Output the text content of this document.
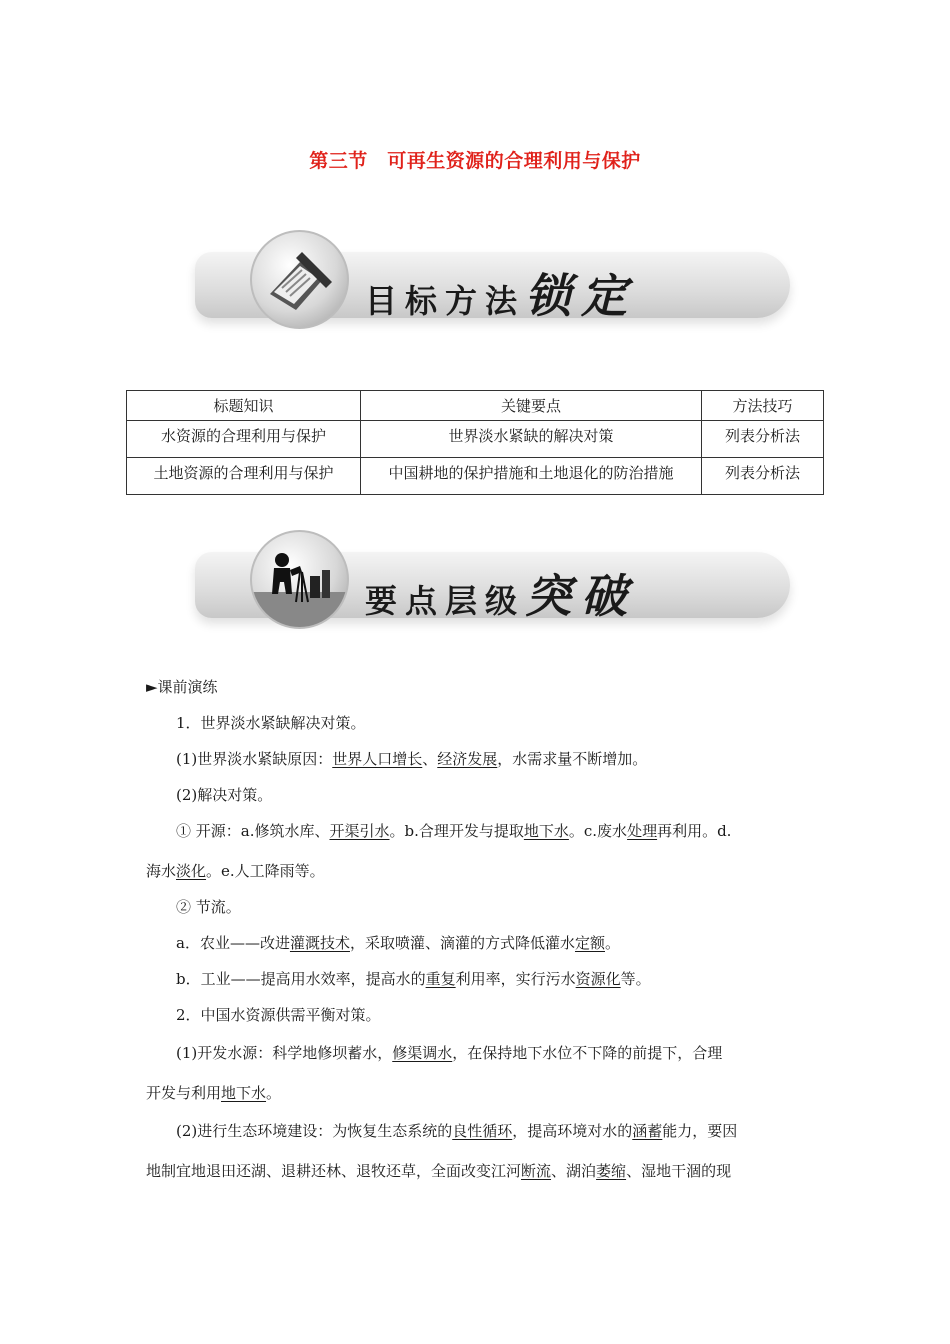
第三节　可再生资源的合理利用与保护
目标方法锁定
标题知识	关键要点	方法技巧
水资源的合理利用与保护	世界淡水紧缺的解决对策	列表分析法
土地资源的合理利用与保护	中国耕地的保护措施和土地退化的防治措施	列表分析法
要点层级突破
►课前演练
1．世界淡水紧缺解决对策。
(1)世界淡水紧缺原因：世界人口增长、经济发展，水需求量不断增加。
(2)解决对策。
① 开源：a.修筑水库、开渠引水。b.合理开发与提取地下水。c.废水处理再利用。d.
海水淡化。e.人工降雨等。
② 节流。
a．农业——改进灌溉技术，采取喷灌、滴灌的方式降低灌水定额。
b．工业——提高用水效率，提高水的重复利用率，实行污水资源化等。
2．中国水资源供需平衡对策。
(1)开发水源：科学地修坝蓄水，修渠调水，在保持地下水位不下降的前提下，合理
开发与利用地下水。
(2)进行生态环境建设：为恢复生态系统的良性循环，提高环境对水的涵蓄能力，要因
地制宜地退田还湖、退耕还林、退牧还草，全面改变江河断流、湖泊萎缩、湿地干涸的现
